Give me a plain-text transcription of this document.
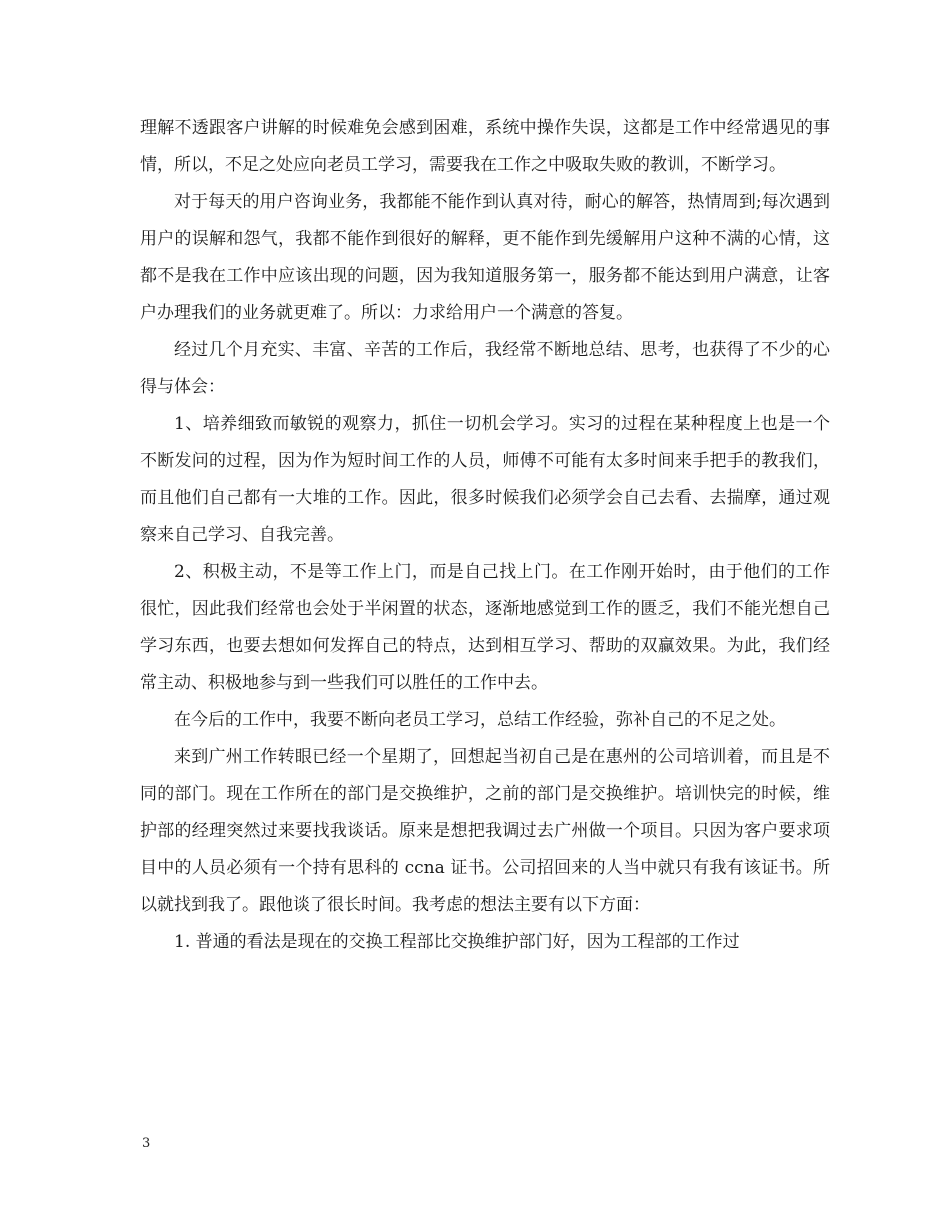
理解不透跟客户讲解的时候难免会感到困难，系统中操作失误，这都是工作中经常遇见的事情，所以，不足之处应向老员工学习，需要我在工作之中吸取失败的教训，不断学习。

对于每天的用户咨询业务，我都能不能作到认真对待，耐心的解答，热情周到;每次遇到用户的误解和怨气，我都不能作到很好的解释，更不能作到先缓解用户这种不满的心情，这都不是我在工作中应该出现的问题，因为我知道服务第一，服务都不能达到用户满意，让客户办理我们的业务就更难了。所以：力求给用户一个满意的答复。

经过几个月充实、丰富、辛苦的工作后，我经常不断地总结、思考，也获得了不少的心得与体会：

1、培养细致而敏锐的观察力，抓住一切机会学习。实习的过程在某种程度上也是一个不断发问的过程，因为作为短时间工作的人员，师傅不可能有太多时间来手把手的教我们，而且他们自己都有一大堆的工作。因此，很多时候我们必须学会自己去看、去揣摩，通过观察来自己学习、自我完善。

2、积极主动，不是等工作上门，而是自己找上门。在工作刚开始时，由于他们的工作很忙，因此我们经常也会处于半闲置的状态，逐渐地感觉到工作的匮乏，我们不能光想自己学习东西，也要去想如何发挥自己的特点，达到相互学习、帮助的双赢效果。为此，我们经常主动、积极地参与到一些我们可以胜任的工作中去。

在今后的工作中，我要不断向老员工学习，总结工作经验，弥补自己的不足之处。

来到广州工作转眼已经一个星期了，回想起当初自己是在惠州的公司培训着，而且是不同的部门。现在工作所在的部门是交换维护，之前的部门是交换维护。培训快完的时候，维护部的经理突然过来要找我谈话。原来是想把我调过去广州做一个项目。只因为客户要求项目中的人员必须有一个持有思科的 ccna 证书。公司招回来的人当中就只有我有该证书。所以就找到我了。跟他谈了很长时间。我考虑的想法主要有以下方面：

1. 普通的看法是现在的交换工程部比交换维护部门好，因为工程部的工作过

3
